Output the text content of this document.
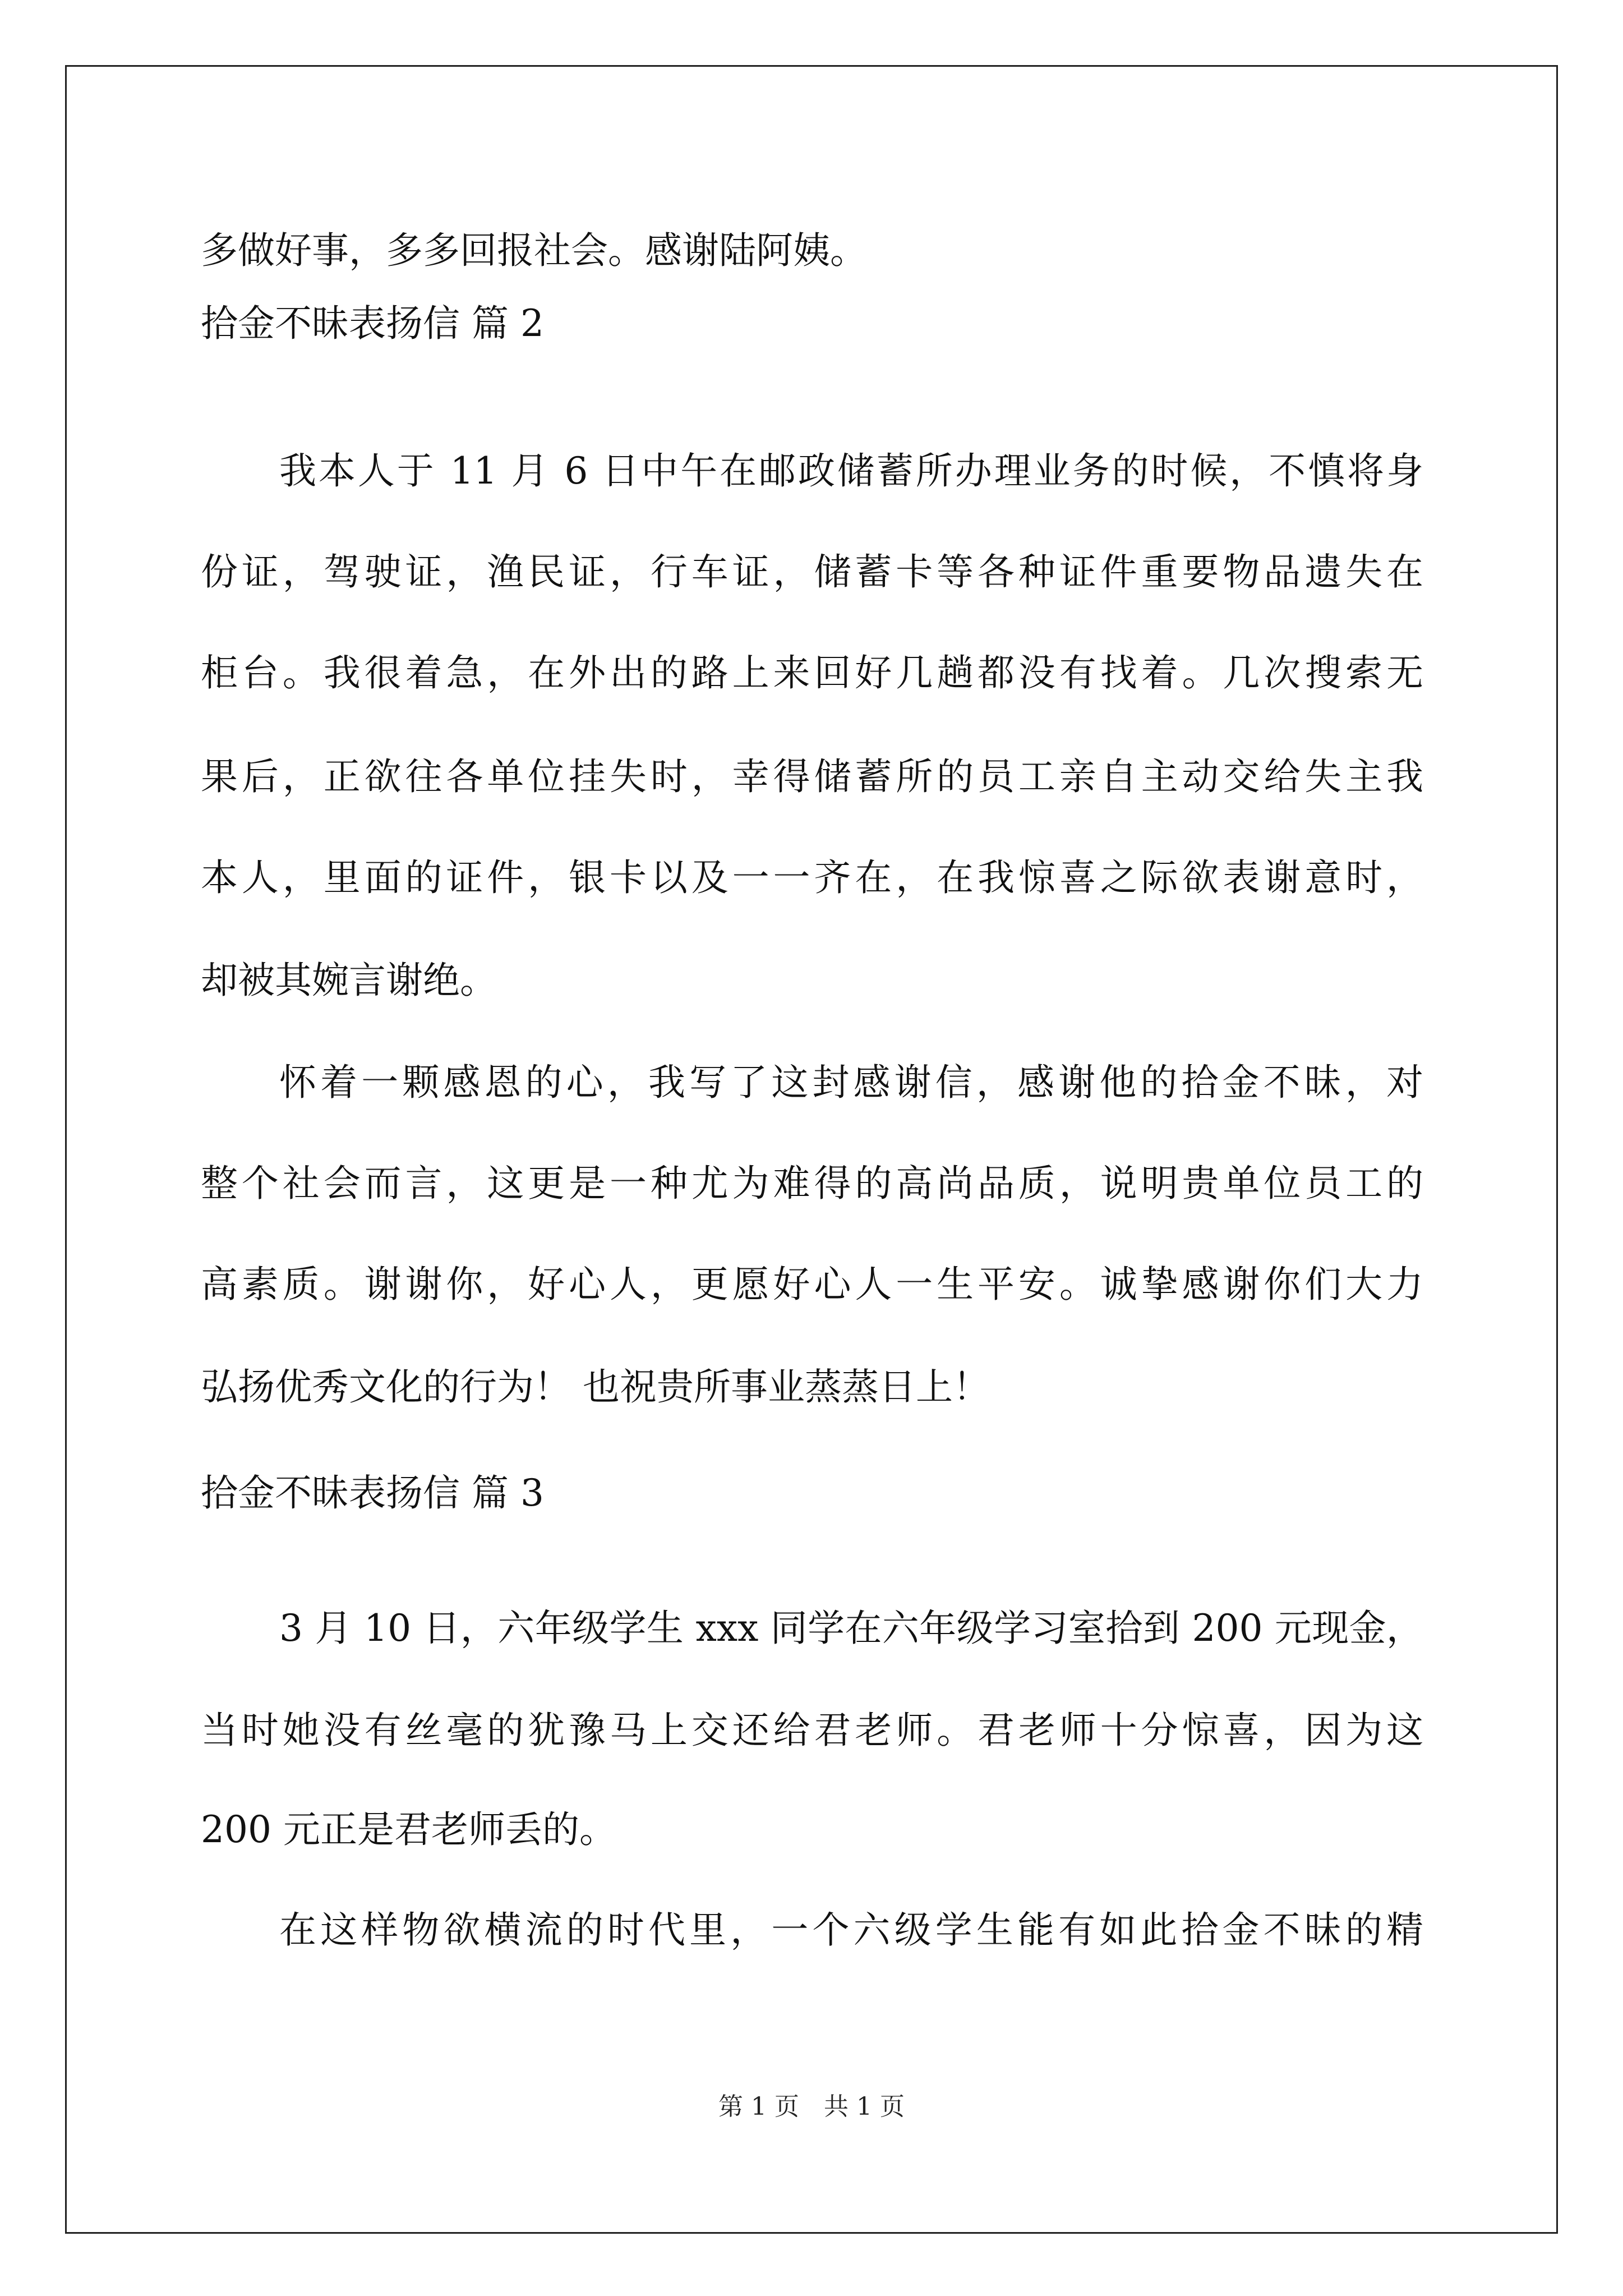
多做好事，多多回报社会。感谢陆阿姨。
拾金不昧表扬信 篇 2
我本人于 11 月 6 日中午在邮政储蓄所办理业务的时候，不慎将身
份证，驾驶证，渔民证，行车证，储蓄卡等各种证件重要物品遗失在
柜台。我很着急，在外出的路上来回好几趟都没有找着。几次搜索无
果后，正欲往各单位挂失时，幸得储蓄所的员工亲自主动交给失主我
本人，里面的证件，银卡以及一一齐在，在我惊喜之际欲表谢意时，
却被其婉言谢绝。
怀着一颗感恩的心，我写了这封感谢信，感谢他的拾金不昧，对
整个社会而言，这更是一种尤为难得的高尚品质，说明贵单位员工的
高素质。谢谢你，好心人，更愿好心人一生平安。诚挚感谢你们大力
弘扬优秀文化的行为！ 也祝贵所事业蒸蒸日上！
拾金不昧表扬信 篇 3
3 月 10 日，六年级学生 xxx 同学在六年级学习室拾到 200 元现金，
当时她没有丝毫的犹豫马上交还给君老师。君老师十分惊喜，因为这
200 元正是君老师丢的。
在这样物欲横流的时代里，一个六级学生能有如此拾金不昧的精
第 1 页　共 1 页
